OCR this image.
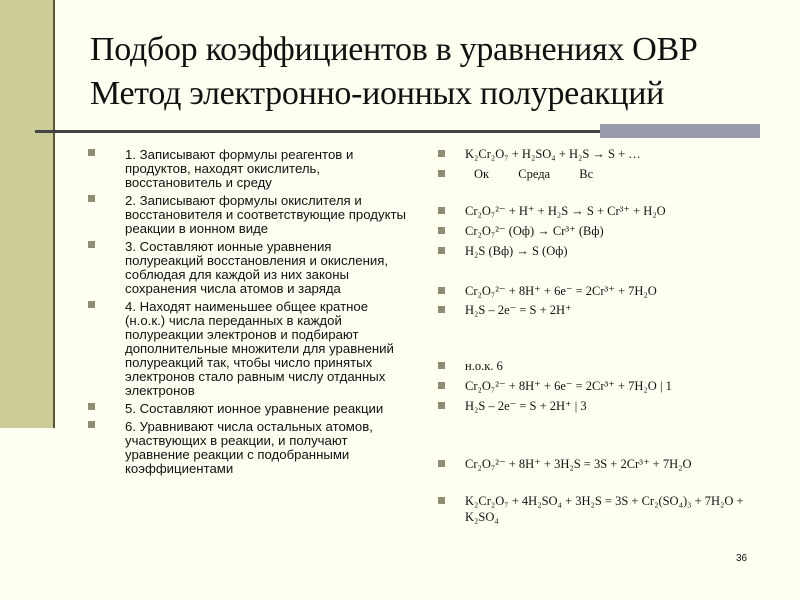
Подбор коэффициентов в уравнениях ОВР
Метод электронно-ионных полуреакций
1. Записывают формулы реагентов и продуктов, находят окислитель, восстановитель и среду
2. Записывают формулы окислителя и восстановителя и соответствующие продукты реакции в ионном виде
3. Составляют ионные уравнения полуреакций восстановления и окисления, соблюдая для каждой из них законы сохранения числа атомов и заряда
4. Находят наименьшее общее кратное (н.о.к.) числа переданных в каждой полуреакции электронов и подбирают дополнительные множители для уравнений полуреакций так, чтобы число принятых электронов стало равным числу отданных электронов
5. Составляют ионное уравнение реакции
6. Уравнивают числа остальных атомов, участвующих в реакции, и получают уравнение реакции с подобранными коэффициентами
K₂Cr₂O₇ + H₂SO₄ + H₂S → S + …
Ок Среда Вс
Cr₂O₇²⁻ + H⁺ + H₂S → S + Cr³⁺ + H₂O
Cr₂O₇²⁻ (Оф) → Cr³⁺ (Вф)
H₂S (Вф) → S (Оф)
Cr₂O₇²⁻ + 8H⁺ + 6e⁻ = 2Cr³⁺ + 7H₂O
H₂S – 2e⁻ = S + 2H⁺
н.о.к. 6
Cr₂O₇²⁻ + 8H⁺ + 6e⁻ = 2Cr³⁺ + 7H₂O | 1
H₂S – 2e⁻ = S + 2H⁺ | 3
Cr₂O₇²⁻ + 8H⁺ + 3H₂S = 3S + 2Cr³⁺ + 7H₂O
K₂Cr₂O₇ + 4H₂SO₄ + 3H₂S = 3S + Cr₂(SO₄)₃ + 7H₂O + K₂SO₄
36
